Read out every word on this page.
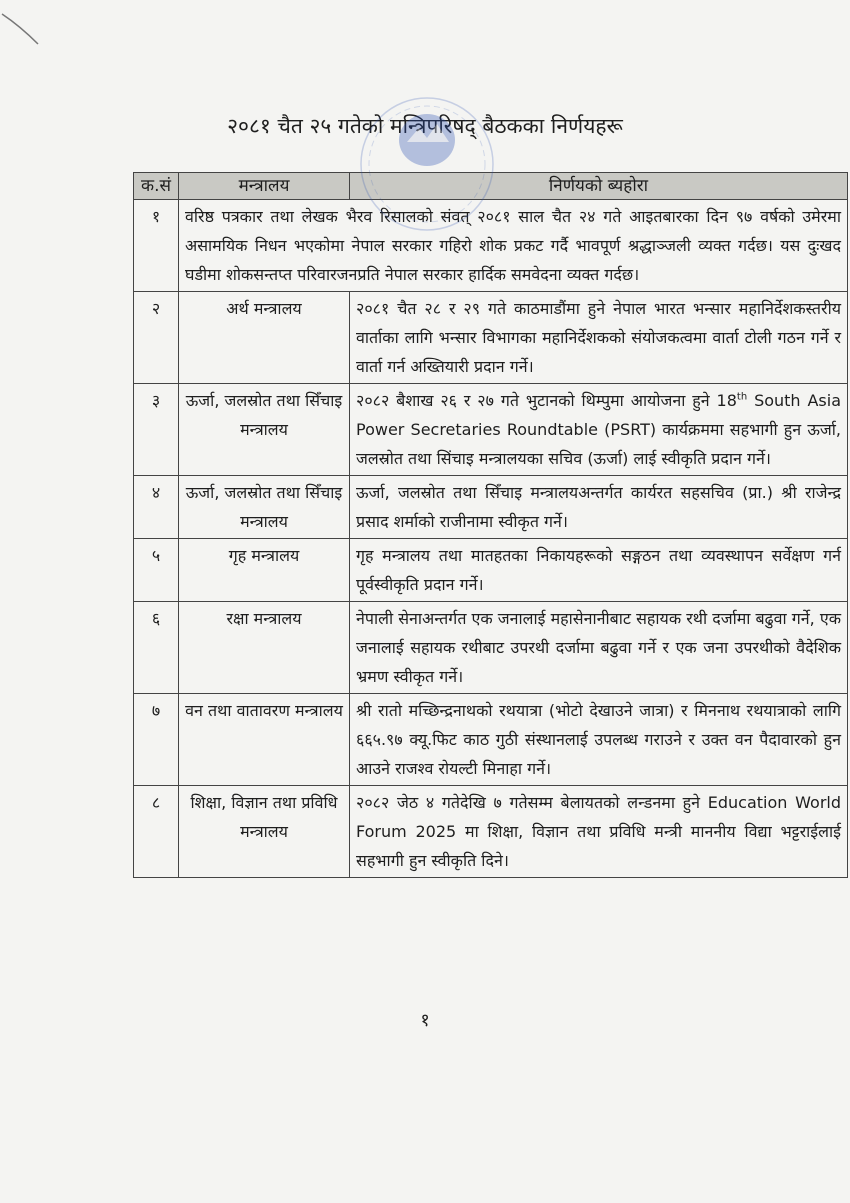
२०८१ चैत २५ गतेको मन्त्रिपरिषद् बैठकका निर्णयहरू
क.सं	मन्त्रालय	निर्णयको ब्यहोरा
१	वरिष्ठ पत्रकार तथा लेखक भैरव रिसालको संवत् २०८१ साल चैत २४ गते आइतबारका दिन ९७ वर्षको उमेरमा असामयिक निधन भएकोमा नेपाल सरकार गहिरो शोक प्रकट गर्दै भावपूर्ण श्रद्धाञ्जली व्यक्त गर्दछ। यस दुःखद घडीमा शोकसन्तप्त परिवारजनप्रति नेपाल सरकार हार्दिक समवेदना व्यक्त गर्दछ।	
२	अर्थ मन्त्रालय	२०८१ चैत २८ र २९ गते काठमाडौंमा हुने नेपाल भारत भन्सार महानिर्देशकस्तरीय वार्ताका लागि भन्सार विभागका महानिर्देशकको संयोजकत्वमा वार्ता टोली गठन गर्ने र वार्ता गर्न अख्तियारी प्रदान गर्ने।
३	ऊर्जा, जलस्रोत तथा सिँचाइ मन्त्रालय	२०८२ बैशाख २६ र २७ गते भुटानको थिम्पुमा आयोजना हुने 18th South Asia Power Secretaries Roundtable (PSRT) कार्यक्रममा सहभागी हुन ऊर्जा, जलस्रोत तथा सिंचाइ मन्त्रालयका सचिव (ऊर्जा) लाई स्वीकृति प्रदान गर्ने।
४	ऊर्जा, जलस्रोत तथा सिँचाइ मन्त्रालय	ऊर्जा, जलस्रोत तथा सिँचाइ मन्त्रालयअन्तर्गत कार्यरत सहसचिव (प्रा.) श्री राजेन्द्र प्रसाद शर्माको राजीनामा स्वीकृत गर्ने।
५	गृह मन्त्रालय	गृह मन्त्रालय तथा मातहतका निकायहरूको सङ्गठन तथा व्यवस्थापन सर्वेक्षण गर्न पूर्वस्वीकृति प्रदान गर्ने।
६	रक्षा मन्त्रालय	नेपाली सेनाअन्तर्गत एक जनालाई महासेनानीबाट सहायक रथी दर्जामा बढुवा गर्ने, एक जनालाई सहायक रथीबाट उपरथी दर्जामा बढुवा गर्ने र एक जना उपरथीको वैदेशिक भ्रमण स्वीकृत गर्ने।
७	वन तथा वातावरण मन्त्रालय	श्री रातो मच्छिन्द्रनाथको रथयात्रा (भोटो देखाउने जात्रा) र मिननाथ रथयात्राको लागि ६६५.९७ क्यू.फिट काठ गुठी संस्थानलाई उपलब्ध गराउने र उक्त वन पैदावारको हुन आउने राजश्व रोयल्टी मिनाहा गर्ने।
८	शिक्षा, विज्ञान तथा प्रविधि मन्त्रालय	२०८२ जेठ ४ गतेदेखि ७ गतेसम्म बेलायतको लन्डनमा हुने Education World Forum 2025 मा शिक्षा, विज्ञान तथा प्रविधि मन्त्री माननीय विद्या भट्टराईलाई सहभागी हुन स्वीकृति दिने।
१
